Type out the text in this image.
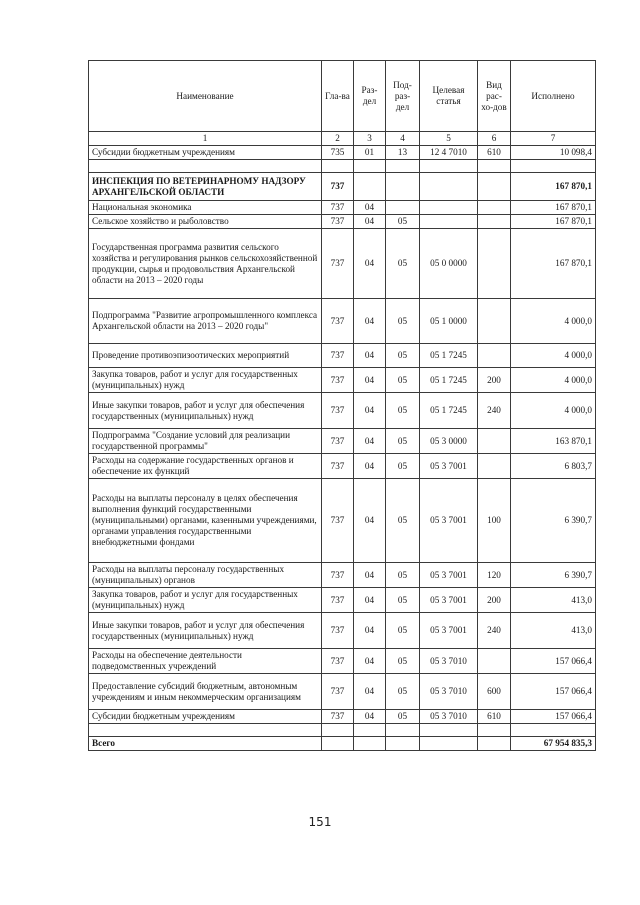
Наименование	Гла-ва	Раз-дел	Под-раз-дел	Целевая статья	Вид рас-хо-дов	Исполнено
1	2	3	4	5	6	7
Субсидии бюджетным учреждениям	735	01	13	12 4 7010	610	10 098,4

ИНСПЕКЦИЯ ПО ВЕТЕРИНАРНОМУ НАДЗОРУ АРХАНГЕЛЬСКОЙ ОБЛАСТИ	737					167 870,1
Национальная экономика	737	04				167 870,1
Сельское хозяйство и рыболовство	737	04	05			167 870,1
Государственная программа развития сельского хозяйства и регулирования рынков сельскохозяйственной продукции, сырья и продовольствия Архангельской области на 2013 – 2020 годы	737	04	05	05 0 0000		167 870,1
Подпрограмма "Развитие агропромышленного комплекса Архангельской области на 2013 – 2020 годы"	737	04	05	05 1 0000		4 000,0
Проведение противоэпизоотических мероприятий	737	04	05	05 1 7245		4 000,0
Закупка товаров, работ и услуг для государственных (муниципальных) нужд	737	04	05	05 1 7245	200	4 000,0
Иные закупки товаров, работ и услуг для обеспечения государственных (муниципальных) нужд	737	04	05	05 1 7245	240	4 000,0
Подпрограмма "Создание условий для реализации государственной программы"	737	04	05	05 3 0000		163 870,1
Расходы на содержание государственных органов и обеспечение их функций	737	04	05	05 3 7001		6 803,7
Расходы на выплаты персоналу в целях обеспечения выполнения функций государственными (муниципальными) органами, казенными учреждениями, органами управления государственными внебюджетными фондами	737	04	05	05 3 7001	100	6 390,7
Расходы на выплаты персоналу государственных (муниципальных) органов	737	04	05	05 3 7001	120	6 390,7
Закупка товаров, работ и услуг для государственных (муниципальных) нужд	737	04	05	05 3 7001	200	413,0
Иные закупки товаров, работ и услуг для обеспечения государственных (муниципальных) нужд	737	04	05	05 3 7001	240	413,0
Расходы на обеспечение деятельности подведомственных учреждений	737	04	05	05 3 7010		157 066,4
Предоставление субсидий бюджетным, автономным учреждениям и иным некоммерческим организациям	737	04	05	05 3 7010	600	157 066,4
Субсидии бюджетным учреждениям	737	04	05	05 3 7010	610	157 066,4

Всего						67 954 835,3
151
